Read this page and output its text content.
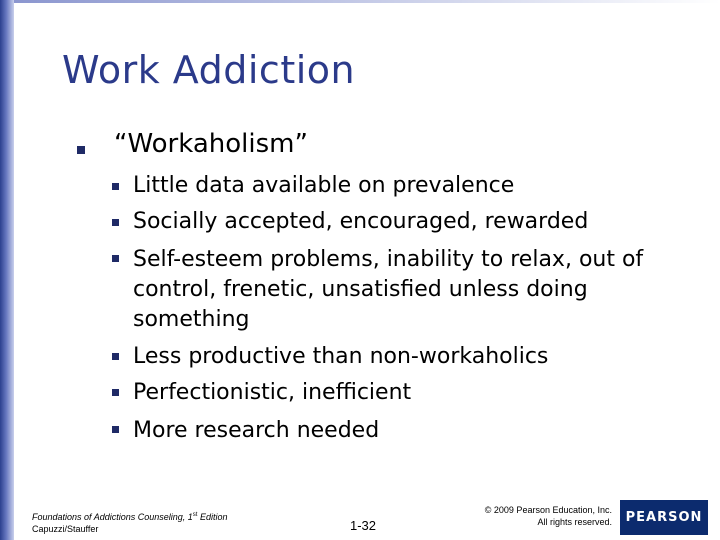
Work Addiction
“Workaholism”
Little data available on prevalence
Socially accepted, encouraged, rewarded
Self-esteem problems, inability to relax, out of control, frenetic, unsatisfied unless doing something
Less productive than non-workaholics
Perfectionistic, inefficient
More research needed
Foundations of Addictions Counseling, 1st Edition
Capuzzi/Stauffer	1-32
© 2009 Pearson Education, Inc.
All rights reserved.	PEARSON
